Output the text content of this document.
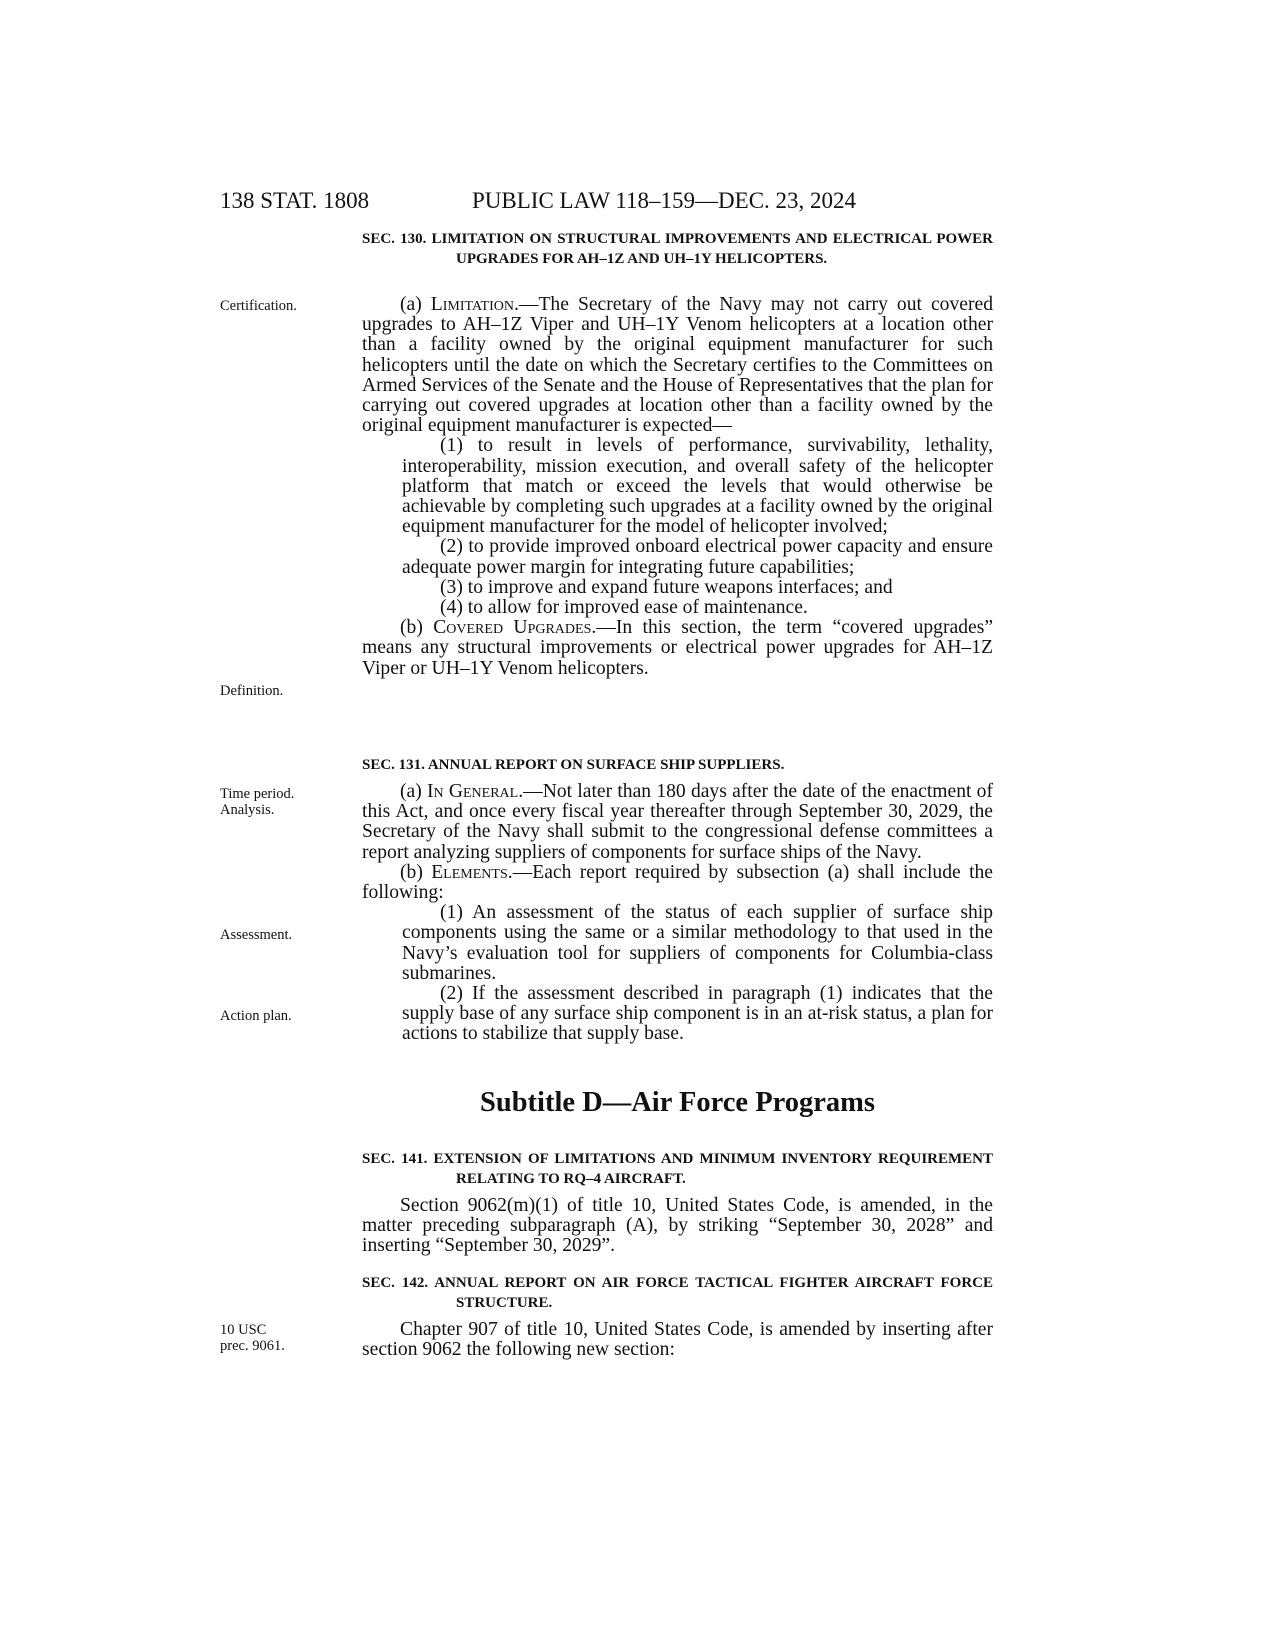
138 STAT. 1808	PUBLIC LAW 118–159—DEC. 23, 2024
Certification.
Definition.
Time period.
Analysis.
Assessment.
Action plan.
10 USC
prec. 9061.
SEC. 130. LIMITATION ON STRUCTURAL IMPROVEMENTS AND ELECTRICAL POWER UPGRADES FOR AH–1Z AND UH–1Y HELICOPTERS.

(a) Limitation.—The Secretary of the Navy may not carry out covered upgrades to AH–1Z Viper and UH–1Y Venom helicopters at a location other than a facility owned by the original equipment manufacturer for such helicopters until the date on which the Secretary certifies to the Committees on Armed Services of the Senate and the House of Representatives that the plan for carrying out covered upgrades at location other than a facility owned by the original equipment manufacturer is expected—

(1) to result in levels of performance, survivability, lethality, interoperability, mission execution, and overall safety of the helicopter platform that match or exceed the levels that would otherwise be achievable by completing such upgrades at a facility owned by the original equipment manufacturer for the model of helicopter involved;

(2) to provide improved onboard electrical power capacity and ensure adequate power margin for integrating future capabilities;

(3) to improve and expand future weapons interfaces; and

(4) to allow for improved ease of maintenance.

(b) Covered Upgrades.—In this section, the term “covered upgrades” means any structural improvements or electrical power upgrades for AH–1Z Viper or UH–1Y Venom helicopters.

SEC. 131. ANNUAL REPORT ON SURFACE SHIP SUPPLIERS.

(a) In General.—Not later than 180 days after the date of the enactment of this Act, and once every fiscal year thereafter through September 30, 2029, the Secretary of the Navy shall submit to the congressional defense committees a report analyzing suppliers of components for surface ships of the Navy.

(b) Elements.—Each report required by subsection (a) shall include the following:

(1) An assessment of the status of each supplier of surface ship components using the same or a similar methodology to that used in the Navy’s evaluation tool for suppliers of components for Columbia-class submarines.

(2) If the assessment described in paragraph (1) indicates that the supply base of any surface ship component is in an at-risk status, a plan for actions to stabilize that supply base.

Subtitle D—Air Force Programs
SEC. 141. EXTENSION OF LIMITATIONS AND MINIMUM INVENTORY REQUIREMENT RELATING TO RQ–4 AIRCRAFT.

Section 9062(m)(1) of title 10, United States Code, is amended, in the matter preceding subparagraph (A), by striking “September 30, 2028” and inserting “September 30, 2029”.

SEC. 142. ANNUAL REPORT ON AIR FORCE TACTICAL FIGHTER AIRCRAFT FORCE STRUCTURE.

Chapter 907 of title 10, United States Code, is amended by inserting after section 9062 the following new section:
